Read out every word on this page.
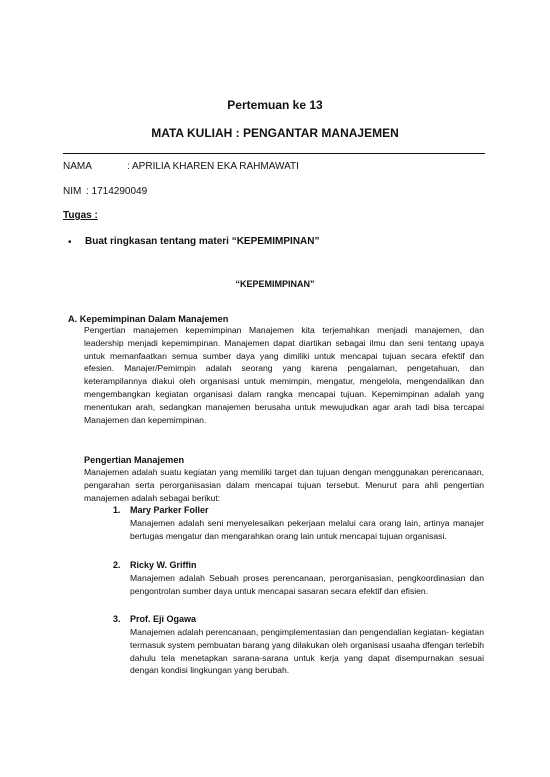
Pertemuan ke 13
MATA KULIAH : PENGANTAR MANAJEMEN
NAMA	: APRILIA KHAREN EKA RAHMAWATI
NIM : 1714290049
Tugas :
• Buat ringkasan tentang materi “KEPEMIMPINAN”
“KEPEMIMPINAN”
A. Kepemimpinan Dalam Manajemen

Pengertian manajemen kepemimpinan Manajemen kita terjemahkan menjadi manajemen, dan leadership menjadi kepemimpinan. Manajemen dapat diartikan sebagai ilmu dan seni tentang upaya untuk memanfaatkan semua sumber daya yang dimiliki untuk mencapai tujuan secara efektif dan efesien. Manajer/Pemimpin adalah seorang yang karena pengalaman, pengetahuan, dan keterampilannya diakui oleh organisasi untuk memimpin, mengatur, mengelola, mengendalikan dan mengembangkan kegiatan organisasi dalam rangka mencapai tujuan. Kepemimpinan adalah yang menentukan arah, sedangkan manajemen berusaha untuk mewujudkan agar arah tadi bisa tercapai Manajemen dan kepemimpinan.

Pengertian Manajemen

Manajemen adalah suatu kegiatan yang memiliki target dan tujuan dengan menggunakan perencanaan, pengarahan serta perorganisasian dalam mencapai tujuan tersebut. Menurut para ahli pengertian manajemen adalah sebagai berikut:

1. Mary Parker Foller

Manajemen adalah seni menyelesaikan pekerjaan melalui cara orang lain, artinya manajer bertugas mengatur dan mengarahkan orang lain untuk mencapai tujuan organisasi.

2. Ricky W. Griffin

Manajemen adalah Sebuah proses perencanaan, perorganisasian, pengkoordinasian dan pengontrolan sumber daya untuk mencapai sasaran secara efektif dan efisien.

3. Prof. Eji Ogawa

Manajemen adalah perencanaan, pengimplementasian dan pengendalian kegiatan- kegiatan termasuk system pembuatan barang yang dilakukan oleh organisasi usaaha dfengan terlebih dahulu tela menetapkan sarana-sarana untuk kerja yang dapat disempurnakan sesuai dengan kondisi lingkungan yang berubah.
